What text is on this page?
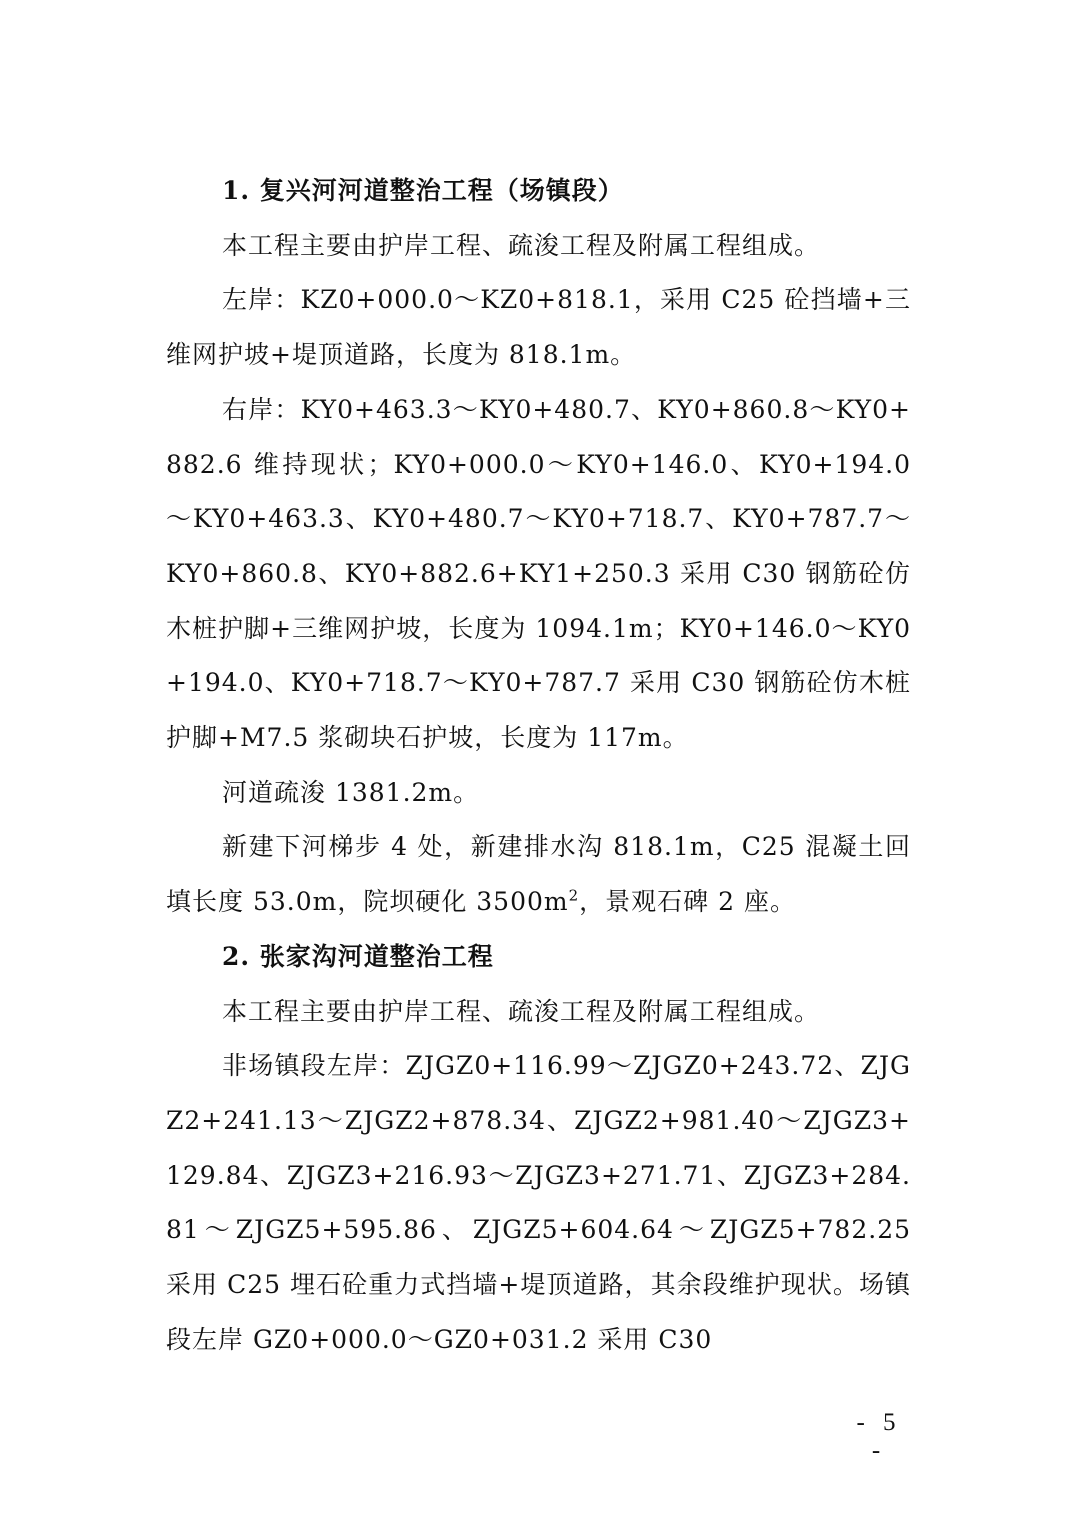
1. 复兴河河道整治工程（场镇段）

本工程主要由护岸工程、疏浚工程及附属工程组成。

左岸：KZ0+000.0～KZ0+818.1，采用 C25 砼挡墙+三维网护坡+堤顶道路，长度为 818.1m。

右岸：KY0+463.3～KY0+480.7、KY0+860.8～KY0+882.6 维持现状；KY0+000.0～KY0+146.0、KY0+194.0～KY0+463.3、KY0+480.7～KY0+718.7、KY0+787.7～KY0+860.8、KY0+882.6+KY1+250.3 采用 C30 钢筋砼仿木桩护脚+三维网护坡，长度为 1094.1m；KY0+146.0～KY0+194.0、KY0+718.7～KY0+787.7 采用 C30 钢筋砼仿木桩护脚+M7.5 浆砌块石护坡，长度为 117m。

河道疏浚 1381.2m。

新建下河梯步 4 处，新建排水沟 818.1m，C25 混凝土回填长度 53.0m，院坝硬化 $3500m^2$，景观石碑 2 座。

2. 张家沟河道整治工程

本工程主要由护岸工程、疏浚工程及附属工程组成。

非场镇段左岸：ZJGZ0+116.99～ZJGZ0+243.72、ZJGZ2+241.13～ZJGZ2+878.34、ZJGZ2+981.40～ZJGZ3+129.84、ZJGZ3+216.93～ZJGZ3+271.71、ZJGZ3+284.81～ZJGZ5+595.86、ZJGZ5+604.64～ZJGZ5+782.25 采用 C25 埋石砼重力式挡墙+堤顶道路，其余段维护现状。场镇段左岸 GZ0+000.0～GZ0+031.2 采用 C30

- 5 -
